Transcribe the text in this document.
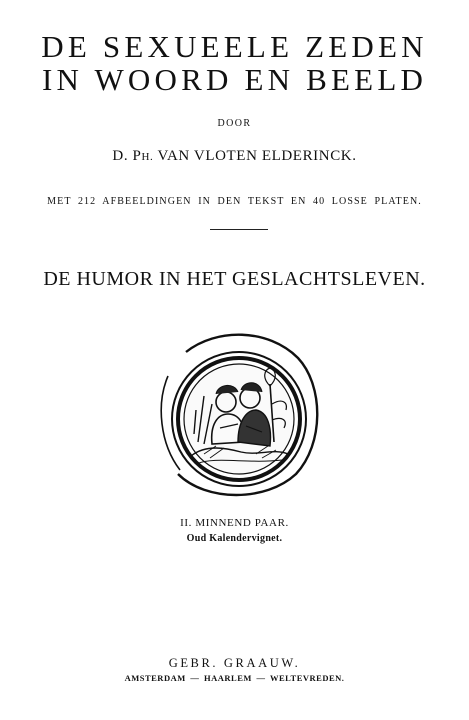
DE SEXUEELE ZEDEN
IN WOORD EN BEELD
DOOR
D. PH. VAN VLOTEN ELDERINCK.
MET 212 AFBEELDINGEN IN DEN TEKST EN 40 LOSSE PLATEN.
DE HUMOR IN HET GESLACHTSLEVEN.
II. MINNEND PAAR.
Oud Kalendervignet.
GEBR. GRAAUW.
AMSTERDAM — HAARLEM — WELTEVREDEN.
